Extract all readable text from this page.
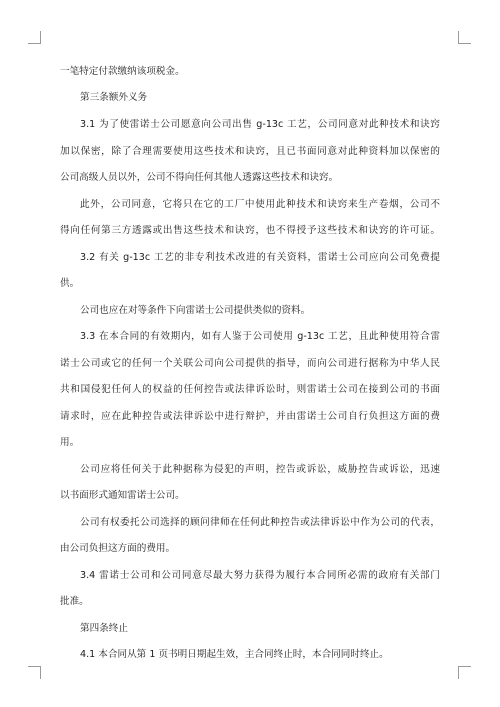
一笔特定付款缴纳该项税金。
第三条额外义务
3.1 为了使雷诺士公司愿意向公司出售 g-13c 工艺，公司同意对此种技术和诀窍
加以保密，除了合理需要使用这些技术和诀窍，且已书面同意对此种资料加以保密的
公司高级人员以外，公司不得向任何其他人透露这些技术和诀窍。
此外，公司同意，它将只在它的工厂中使用此种技术和诀窍来生产卷烟，公司不
得向任何第三方透露或出售这些技术和诀窍，也不得授予这些技术和诀窍的许可证。
3.2 有关 g-13c 工艺的非专利技术改进的有关资料，雷诺士公司应向公司免费提
供。
公司也应在对等条件下向雷诺士公司提供类似的资料。
3.3 在本合同的有效期内，如有人鉴于公司使用 g-13c 工艺，且此种使用符合雷
诺士公司或它的任何一个关联公司向公司提供的指导，而向公司进行据称为中华人民
共和国侵犯任何人的权益的任何控告或法律诉讼时，则雷诺士公司在接到公司的书面
请求时，应在此种控告或法律诉讼中进行辩护，并由雷诺士公司自行负担这方面的费
用。
公司应将任何关于此种据称为侵犯的声明，控告或诉讼，威胁控告或诉讼，迅速
以书面形式通知雷诺士公司。
公司有权委托公司选择的顾问律师在任何此种控告或法律诉讼中作为公司的代表，
由公司负担这方面的费用。
3.4 雷诺士公司和公司同意尽最大努力获得为履行本合同所必需的政府有关部门
批准。
第四条终止
4.1 本合同从第 1 页书明日期起生效，主合同终止时，本合同同时终止。
